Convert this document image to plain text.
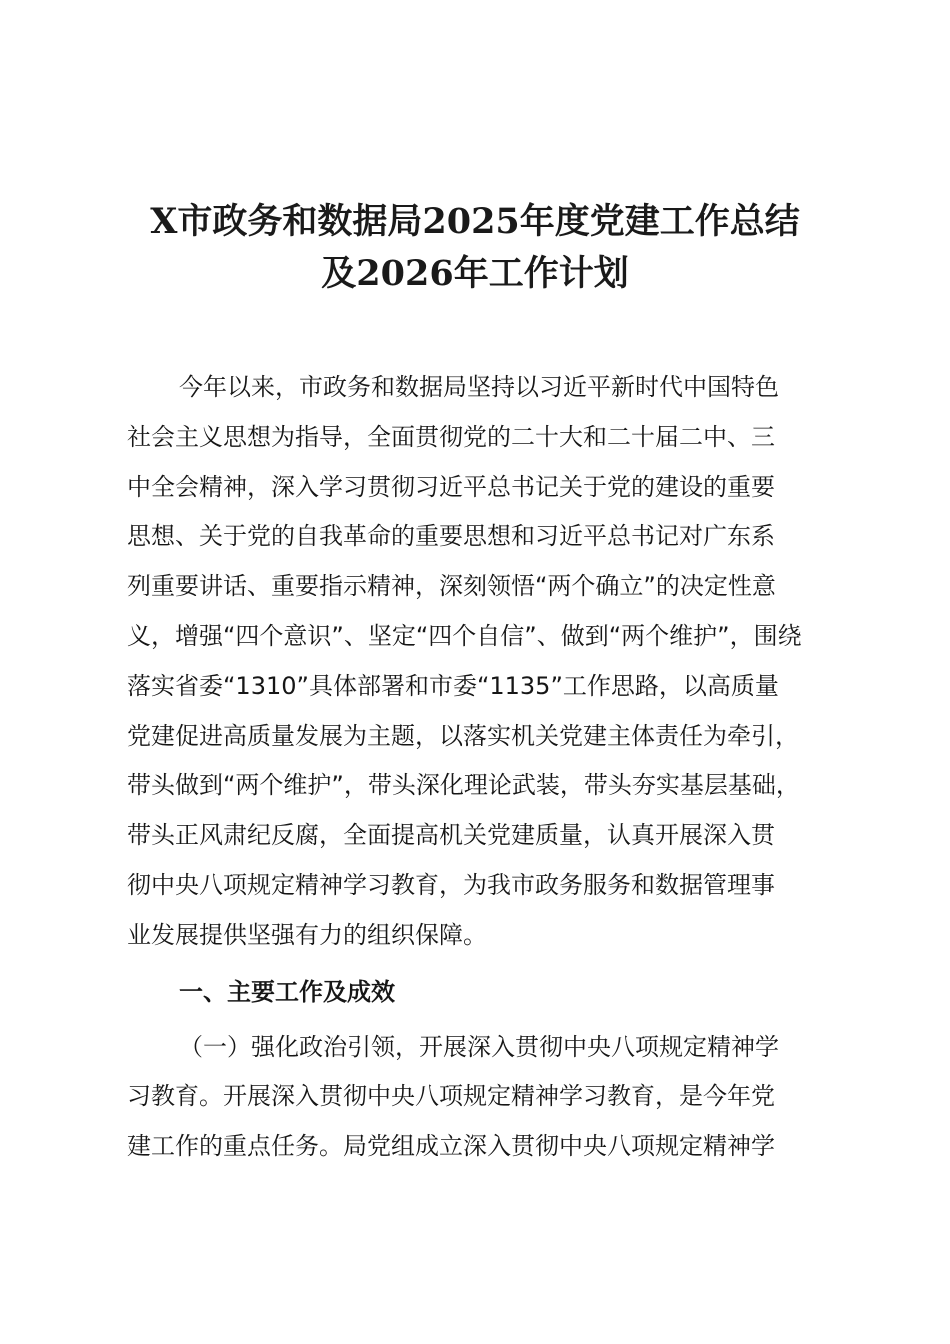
X市政务和数据局2025年度党建工作总结
及2026年工作计划
今年以来，市政务和数据局坚持以习近平新时代中国特色
社会主义思想为指导，全面贯彻党的二十大和二十届二中、三
中全会精神，深入学习贯彻习近平总书记关于党的建设的重要
思想、关于党的自我革命的重要思想和习近平总书记对广东系
列重要讲话、重要指示精神，深刻领悟“两个确立”的决定性意
义，增强“四个意识”、坚定“四个自信”、做到“两个维护”，围绕
落实省委“1310”具体部署和市委“1135”工作思路，以高质量
党建促进高质量发展为主题，以落实机关党建主体责任为牵引，
带头做到“两个维护”，带头深化理论武装，带头夯实基层基础，
带头正风肃纪反腐，全面提高机关党建质量，认真开展深入贯
彻中央八项规定精神学习教育，为我市政务服务和数据管理事
业发展提供坚强有力的组织保障。
一、主要工作及成效
（一）强化政治引领，开展深入贯彻中央八项规定精神学
习教育。开展深入贯彻中央八项规定精神学习教育，是今年党
建工作的重点任务。局党组成立深入贯彻中央八项规定精神学
